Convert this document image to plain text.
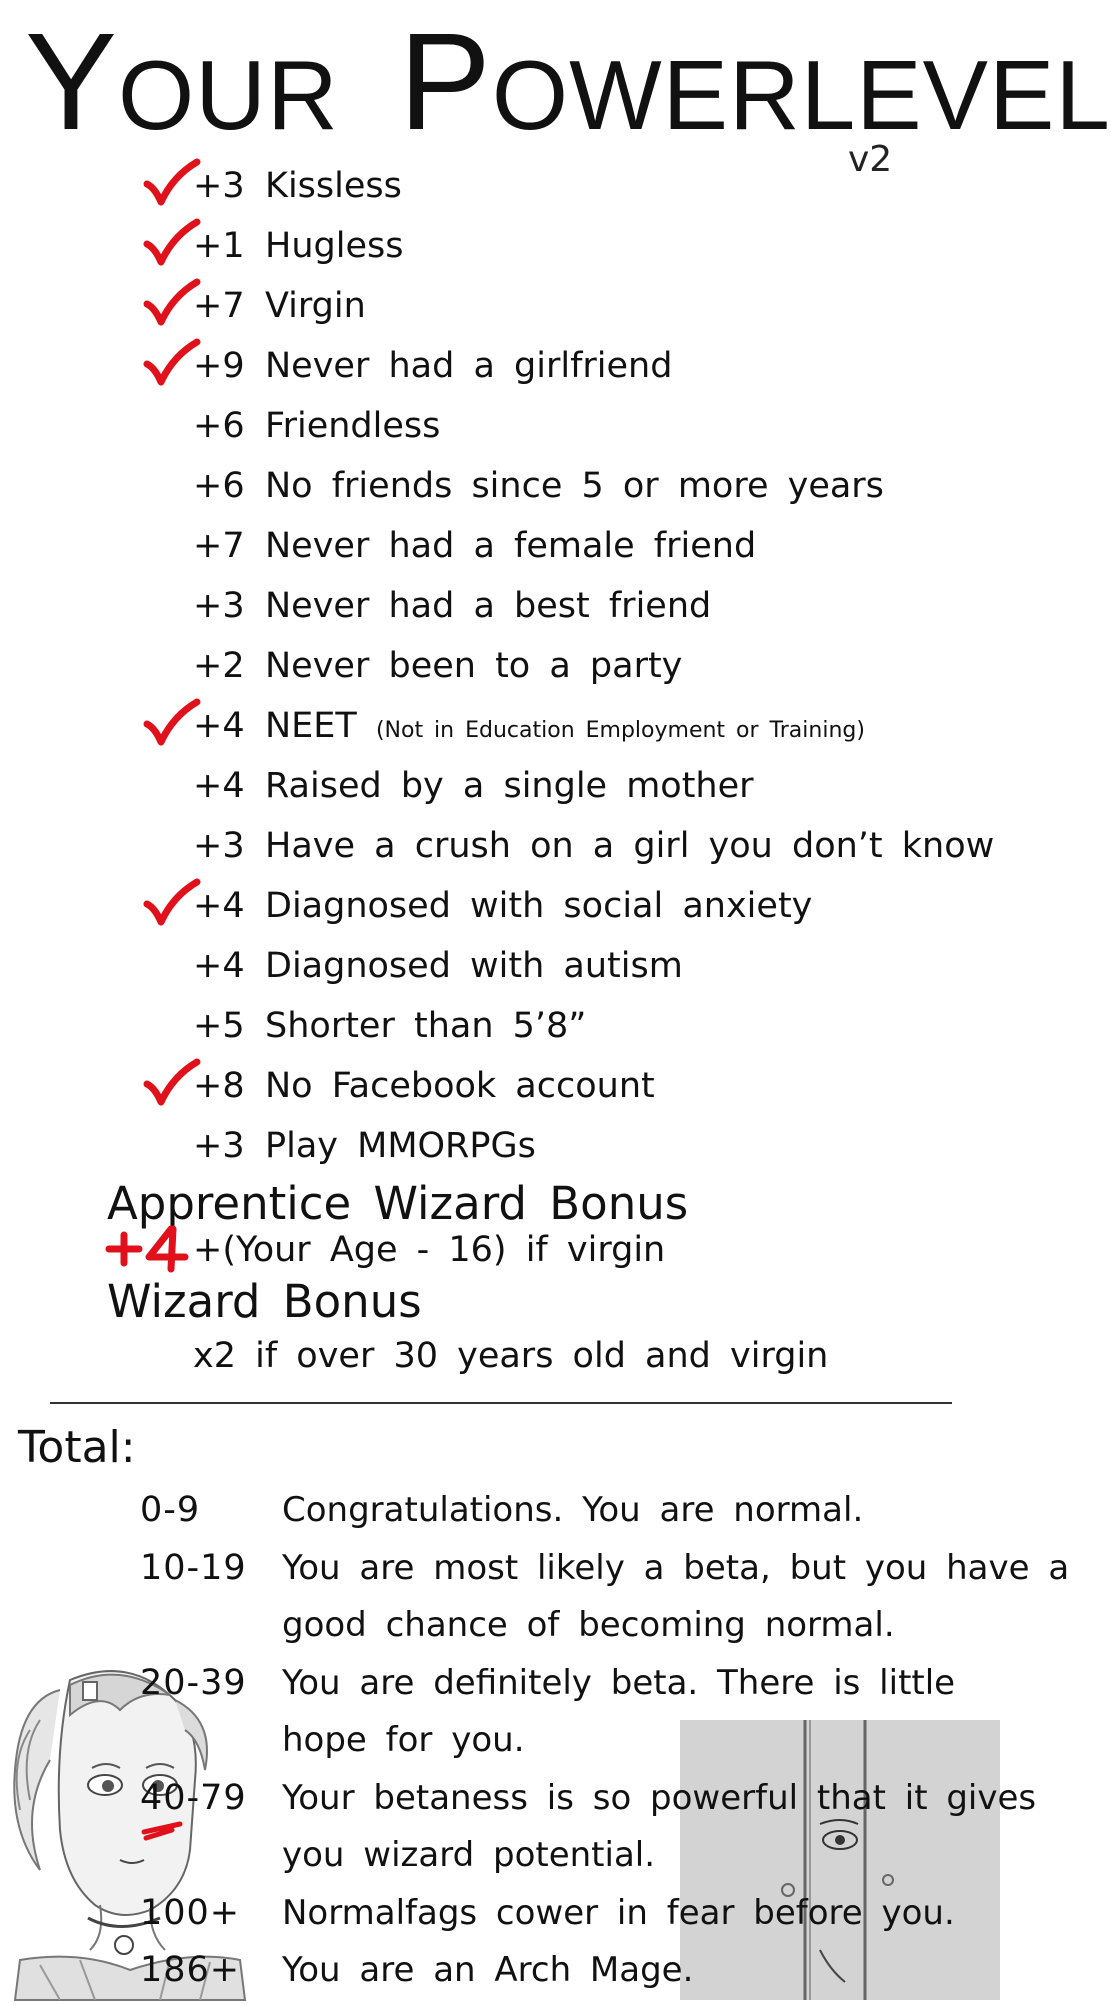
YOUR POWERLEVEL
v2
+3 Kissless
+1 Hugless
+7 Virgin
+9 Never had a girlfriend
+6 Friendless
+6 No friends since 5 or more years
+7 Never had a female friend
+3 Never had a best friend
+2 Never been to a party
+4 NEET (Not in Education Employment or Training)
+4 Raised by a single mother
+3 Have a crush on a girl you don’t know
+4 Diagnosed with social anxiety
+4 Diagnosed with autism
+5 Shorter than 5’8”
+8 No Facebook account
+3 Play MMORPGs
Apprentice Wizard Bonus
+(Your Age - 16) if virgin
Wizard Bonus
x2 if over 30 years old and virgin
Total:
0-9 Congratulations. You are normal.
10-19 You are most likely a beta, but you have a
good chance of becoming normal.
20-39 You are definitely beta. There is little
hope for you.
40-79 Your betaness is so powerful that it gives
you wizard potential.
100+ Normalfags cower in fear before you.
186+ You are an Arch Mage.
